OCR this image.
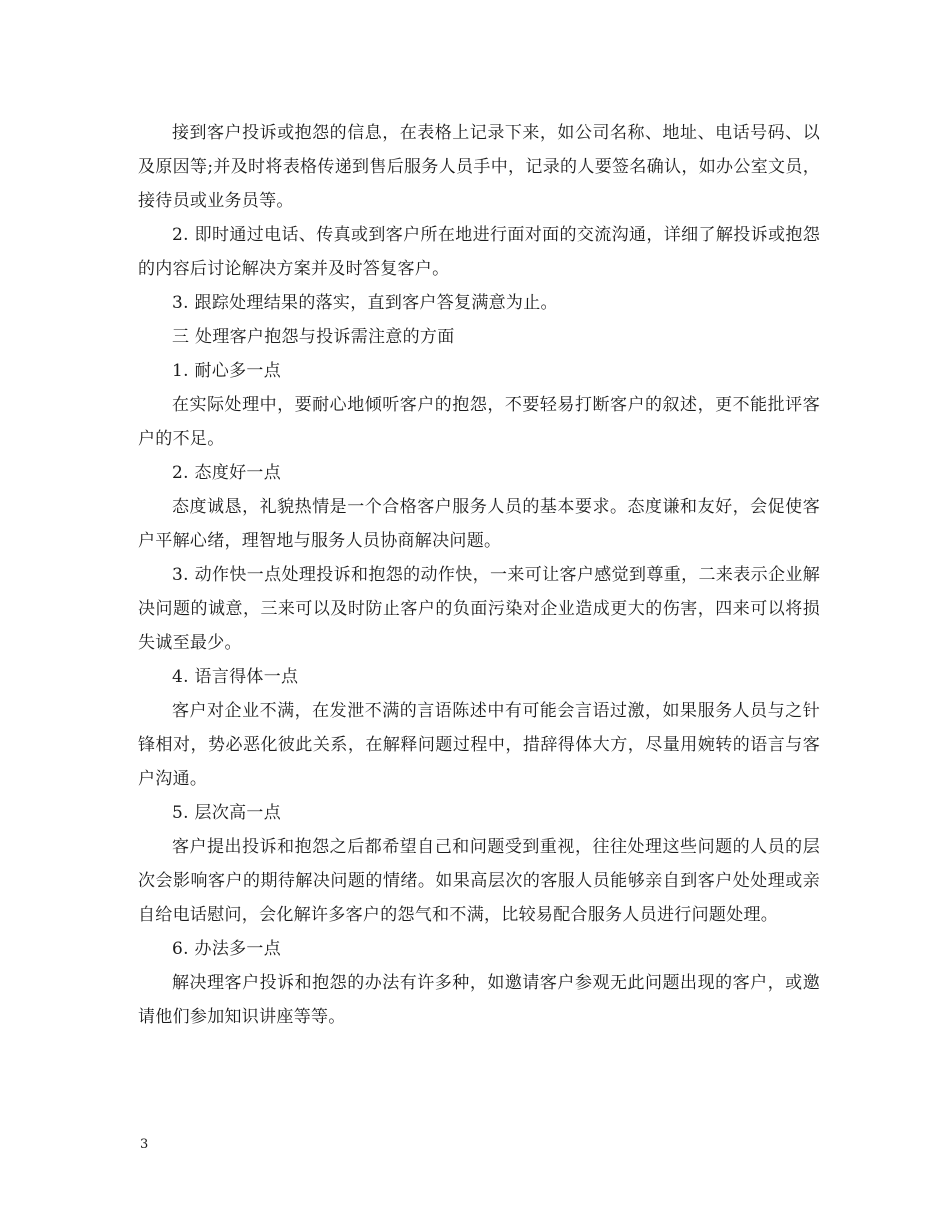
接到客户投诉或抱怨的信息，在表格上记录下来，如公司名称、地址、电话号码、以及原因等;并及时将表格传递到售后服务人员手中，记录的人要签名确认，如办公室文员，接待员或业务员等。

2. 即时通过电话、传真或到客户所在地进行面对面的交流沟通，详细了解投诉或抱怨的内容后讨论解决方案并及时答复客户。

3. 跟踪处理结果的落实，直到客户答复满意为止。

三 处理客户抱怨与投诉需注意的方面

1. 耐心多一点

在实际处理中，要耐心地倾听客户的抱怨，不要轻易打断客户的叙述，更不能批评客户的不足。

2. 态度好一点

态度诚恳，礼貌热情是一个合格客户服务人员的基本要求。态度谦和友好，会促使客户平解心绪，理智地与服务人员协商解决问题。

3. 动作快一点处理投诉和抱怨的动作快，一来可让客户感觉到尊重，二来表示企业解决问题的诚意，三来可以及时防止客户的负面污染对企业造成更大的伤害，四来可以将损失诚至最少。

4. 语言得体一点

客户对企业不满，在发泄不满的言语陈述中有可能会言语过激，如果服务人员与之针锋相对，势必恶化彼此关系，在解释问题过程中，措辞得体大方，尽量用婉转的语言与客户沟通。

5. 层次高一点

客户提出投诉和抱怨之后都希望自己和问题受到重视，往往处理这些问题的人员的层次会影响客户的期待解决问题的情绪。如果高层次的客服人员能够亲自到客户处处理或亲自给电话慰问，会化解许多客户的怨气和不满，比较易配合服务人员进行问题处理。

6. 办法多一点

解决理客户投诉和抱怨的办法有许多种，如邀请客户参观无此问题出现的客户，或邀请他们参加知识讲座等等。

3
